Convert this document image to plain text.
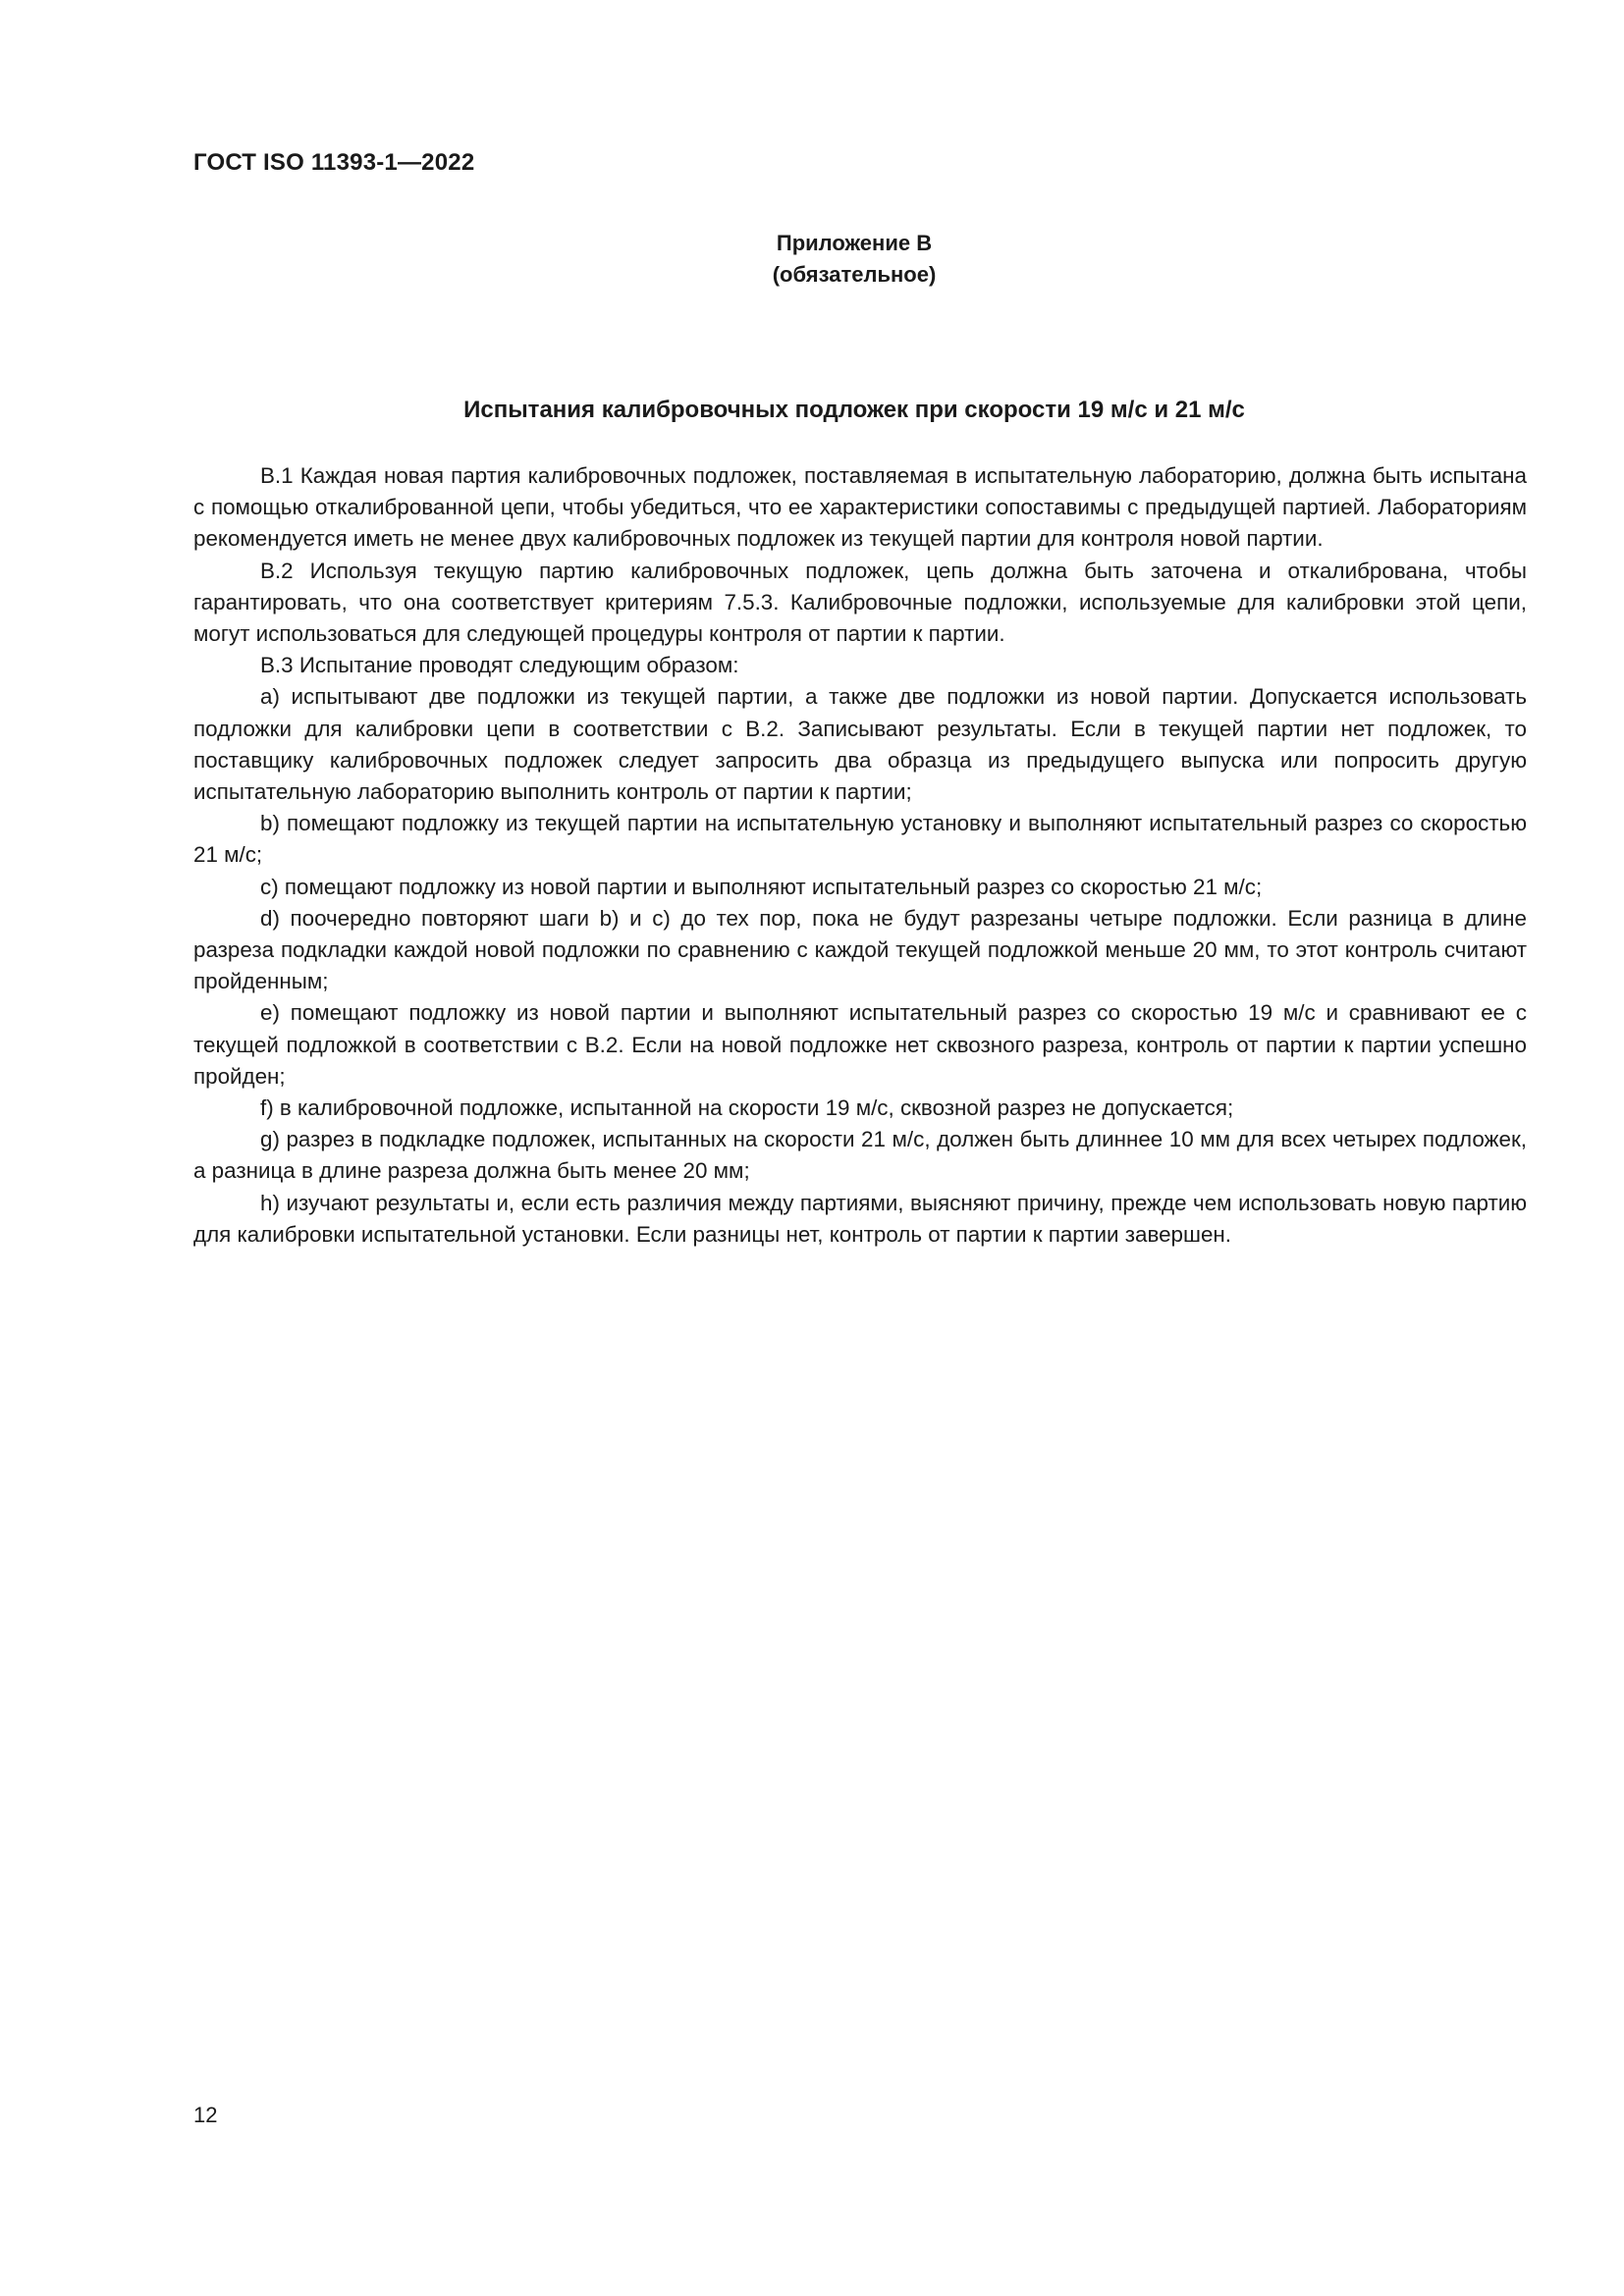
ГОСТ ISO 11393-1—2022
Приложение В
(обязательное)
Испытания калибровочных подложек при скорости 19 м/с и 21 м/с

В.1 Каждая новая партия калибровочных подложек, поставляемая в испытательную лабораторию, должна быть испытана с помощью откалиброванной цепи, чтобы убедиться, что ее характеристики сопоставимы с предыдущей партией. Лабораториям рекомендуется иметь не менее двух калибровочных подложек из текущей партии для контроля новой партии.

В.2 Используя текущую партию калибровочных подложек, цепь должна быть заточена и откалибрована, чтобы гарантировать, что она соответствует критериям 7.5.3. Калибровочные подложки, используемые для калибровки этой цепи, могут использоваться для следующей процедуры контроля от партии к партии.

В.3 Испытание проводят следующим образом:

a) испытывают две подложки из текущей партии, а также две подложки из новой партии. Допускается использовать подложки для калибровки цепи в соответствии с В.2. Записывают результаты. Если в текущей партии нет подложек, то поставщику калибровочных подложек следует запросить два образца из предыдущего выпуска или попросить другую испытательную лабораторию выполнить контроль от партии к партии;

b) помещают подложку из текущей партии на испытательную установку и выполняют испытательный разрез со скоростью 21 м/с;

c) помещают подложку из новой партии и выполняют испытательный разрез со скоростью 21 м/с;

d) поочередно повторяют шаги b) и c) до тех пор, пока не будут разрезаны четыре подложки. Если разница в длине разреза подкладки каждой новой подложки по сравнению с каждой текущей подложкой меньше 20 мм, то этот контроль считают пройденным;

e) помещают подложку из новой партии и выполняют испытательный разрез со скоростью 19 м/с и сравнивают ее с текущей подложкой в соответствии с В.2. Если на новой подложке нет сквозного разреза, контроль от партии к партии успешно пройден;

f) в калибровочной подложке, испытанной на скорости 19 м/с, сквозной разрез не допускается;

g) разрез в подкладке подложек, испытанных на скорости 21 м/с, должен быть длиннее 10 мм для всех четырех подложек, а разница в длине разреза должна быть менее 20 мм;

h) изучают результаты и, если есть различия между партиями, выясняют причину, прежде чем использовать новую партию для калибровки испытательной установки. Если разницы нет, контроль от партии к партии завершен.

12
